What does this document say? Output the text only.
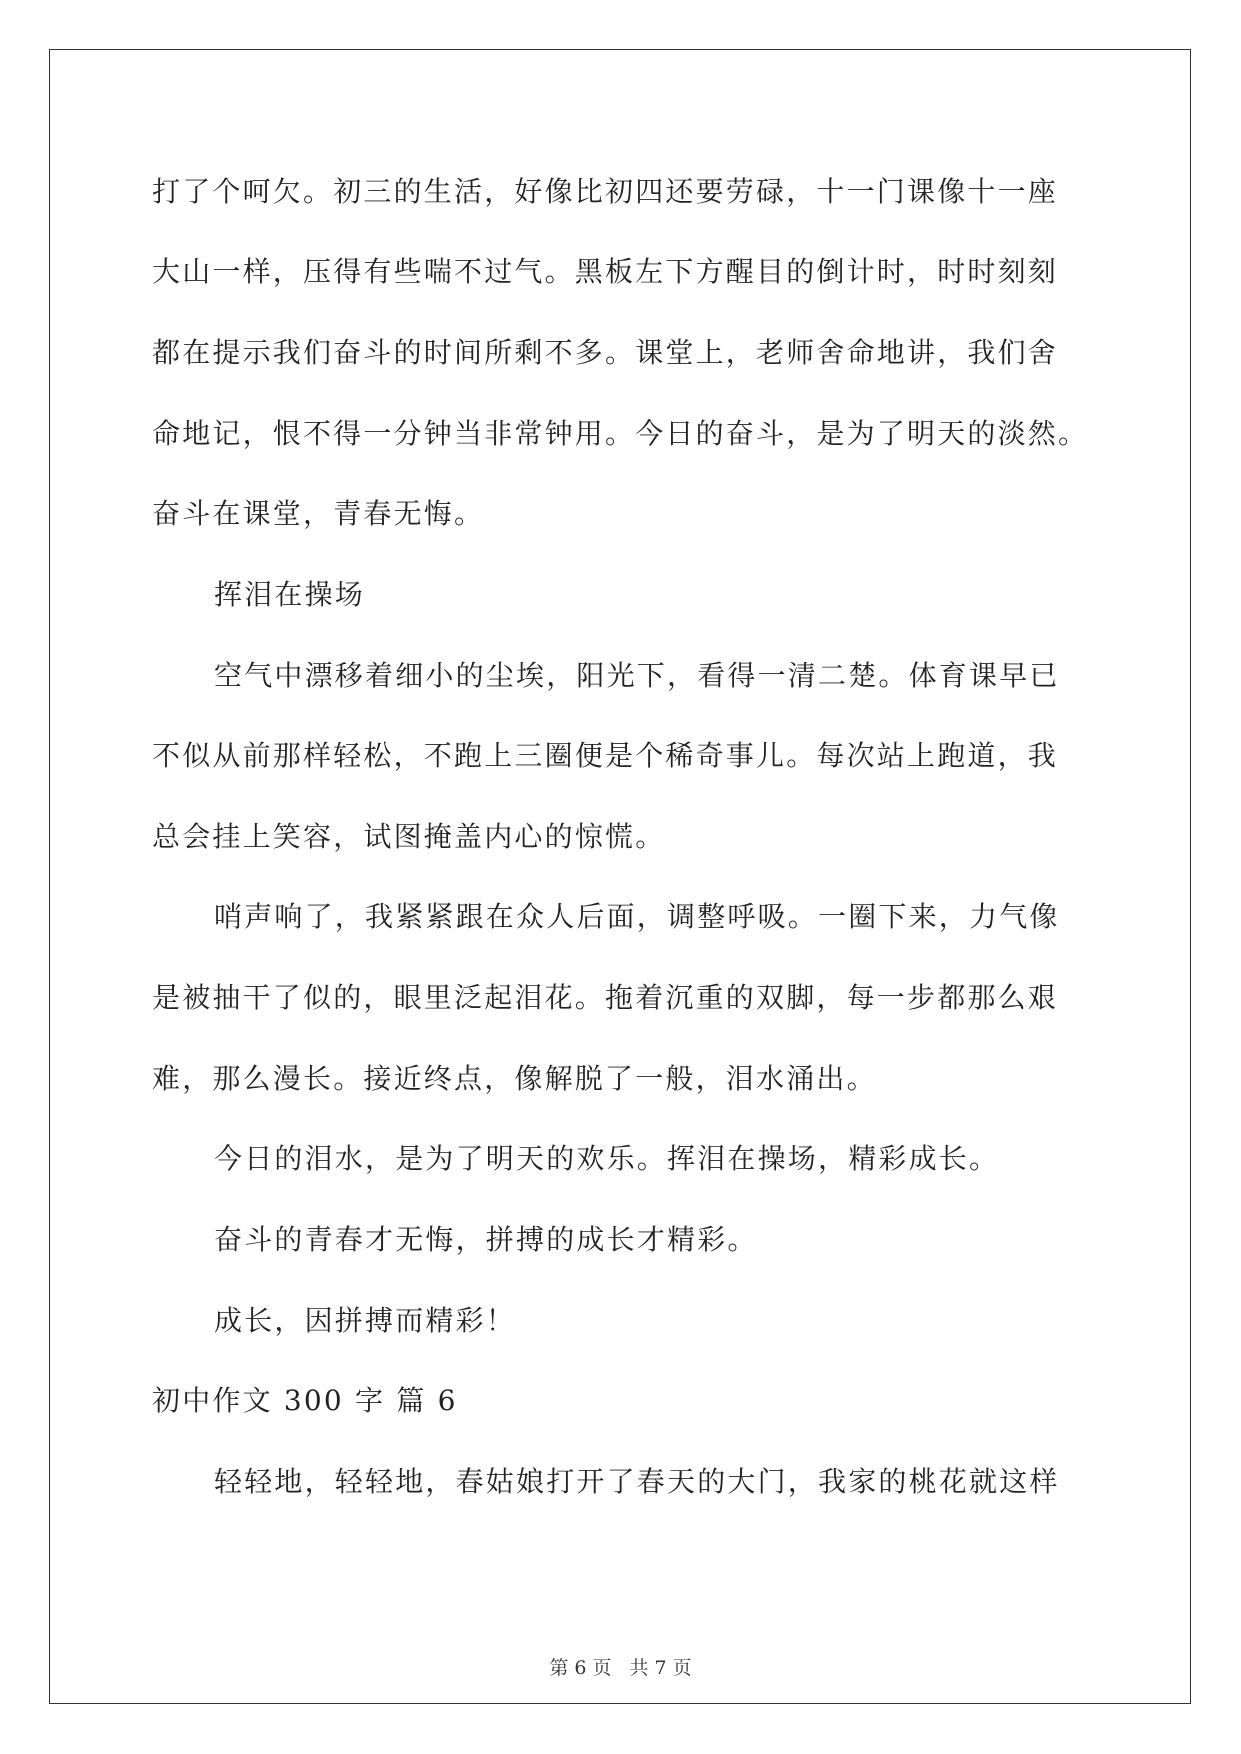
打了个呵欠。初三的生活，好像比初四还要劳碌，十一门课像十一座
大山一样，压得有些喘不过气。黑板左下方醒目的倒计时，时时刻刻
都在提示我们奋斗的时间所剩不多。课堂上，老师舍命地讲，我们舍
命地记，恨不得一分钟当非常钟用。今日的奋斗，是为了明天的淡然。
奋斗在课堂，青春无悔。
挥泪在操场
空气中漂移着细小的尘埃，阳光下，看得一清二楚。体育课早已
不似从前那样轻松，不跑上三圈便是个稀奇事儿。每次站上跑道，我
总会挂上笑容，试图掩盖内心的惊慌。
哨声响了，我紧紧跟在众人后面，调整呼吸。一圈下来，力气像
是被抽干了似的，眼里泛起泪花。拖着沉重的双脚，每一步都那么艰
难，那么漫长。接近终点，像解脱了一般，泪水涌出。
今日的泪水，是为了明天的欢乐。挥泪在操场，精彩成长。
奋斗的青春才无悔，拼搏的成长才精彩。
成长，因拼搏而精彩！
初中作文 300 字 篇 6
轻轻地，轻轻地，春姑娘打开了春天的大门，我家的桃花就这样
第 6 页 共 7 页
